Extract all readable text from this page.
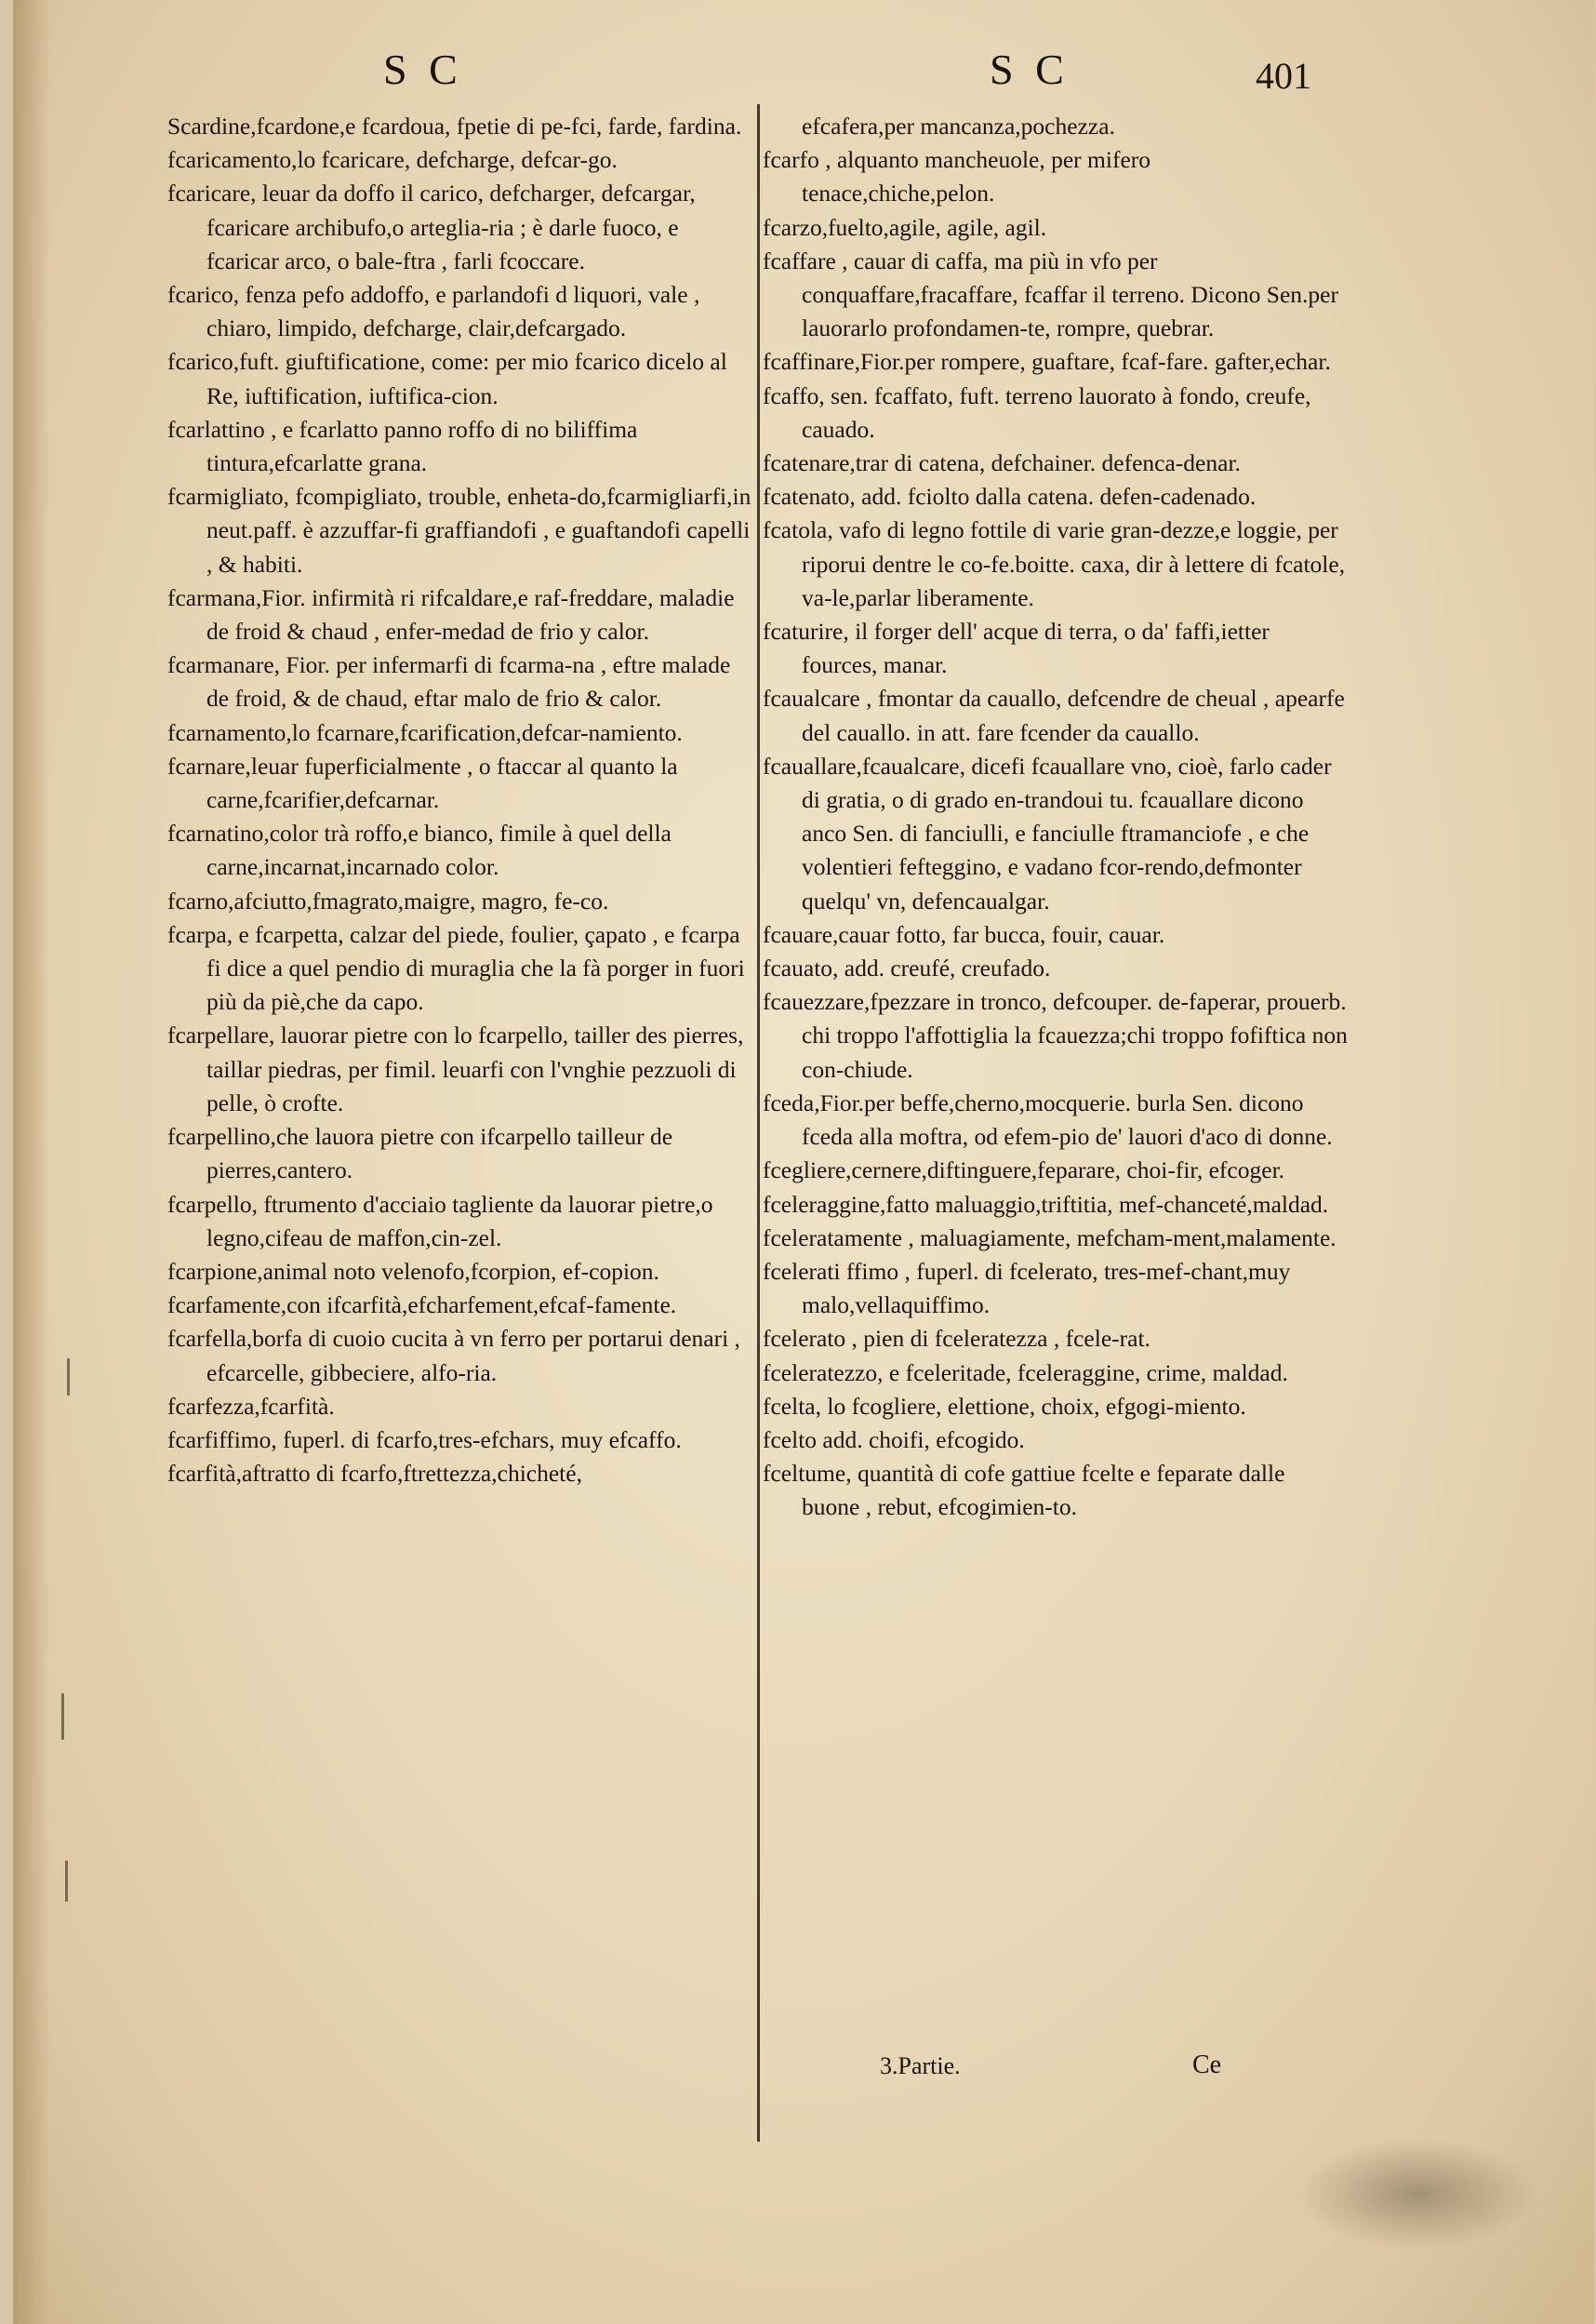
S C	S C	401

Scardine,fcardone,e fcardoua, fpetie di pe-fci, farde, fardina.

fcaricamento,lo fcaricare, defcharge, defcar-go.

fcaricare, leuar da doffo il carico, defcharger, defcargar, fcaricare archibufo,o arteglia-ria ; è darle fuoco, e fcaricar arco, o bale-ftra , farli fcoccare.

fcarico, fenza pefo addoffo, e parlandofi d liquori, vale , chiaro, limpido, defcharge, clair,defcargado.

fcarico,fuft. giuftificatione, come: per mio fcarico dicelo al Re, iuftification, iuftifica-cion.

fcarlattino , e fcarlatto panno roffo di no biliffima tintura,efcarlatte grana.

fcarmigliato, fcompigliato, trouble, enheta-do,fcarmigliarfi,in neut.paff. è azzuffar-fi graffiandofi , e guaftandofi capelli , & habiti.

fcarmana,Fior. infirmità ri rifcaldare,e raf-freddare, maladie de froid & chaud , enfer-medad de frio y calor.

fcarmanare, Fior. per infermarfi di fcarma-na , eftre malade de froid, & de chaud, eftar malo de frio & calor.

fcarnamento,lo fcarnare,fcarification,defcar-namiento.

fcarnare,leuar fuperficialmente , o ftaccar al quanto la carne,fcarifier,defcarnar.

fcarnatino,color trà roffo,e bianco, fimile à quel della carne,incarnat,incarnado color.

fcarno,afciutto,fmagrato,maigre, magro, fe-co.

fcarpa, e fcarpetta, calzar del piede, foulier, çapato , e fcarpa fi dice a quel pendio di muraglia che la fà porger in fuori più da piè,che da capo.

fcarpellare, lauorar pietre con lo fcarpello, tailler des pierres, taillar piedras, per fimil. leuarfi con l'vnghie pezzuoli di pelle, ò crofte.

fcarpellino,che lauora pietre con ifcarpello tailleur de pierres,cantero.

fcarpello, ftrumento d'acciaio tagliente da lauorar pietre,o legno,cifeau de maffon,cin-zel.

fcarpione,animal noto velenofo,fcorpion, ef-copion.

fcarfamente,con ifcarfità,efcharfement,efcaf-famente.

fcarfella,borfa di cuoio cucita à vn ferro per portarui denari , efcarcelle, gibbeciere, alfo-ria.

fcarfezza,fcarfità.

fcarfiffimo, fuperl. di fcarfo,tres-efchars, muy efcaffo.

fcarfità,aftratto di fcarfo,ftrettezza,chicheté,

efcafera,per mancanza,pochezza.

fcarfo , alquanto mancheuole, per mifero tenace,chiche,pelon.

fcarzo,fuelto,agile, agile, agil.

fcaffare , cauar di caffa, ma più in vfo per conquaffare,fracaffare, fcaffar il terreno. Dicono Sen.per lauorarlo profondamen-te, rompre, quebrar.

fcaffinare,Fior.per rompere, guaftare, fcaf-fare. gafter,echar.

fcaffo, sen. fcaffato, fuft. terreno lauorato à fondo, creufe, cauado.

fcatenare,trar di catena, defchainer. defenca-denar.

fcatenato, add. fciolto dalla catena. defen-cadenado.

fcatola, vafo di legno fottile di varie gran-dezze,e loggie, per riporui dentre le co-fe.boitte. caxa, dir à lettere di fcatole, va-le,parlar liberamente.

fcaturire, il forger dell' acque di terra, o da' faffi,ietter fources, manar.

fcaualcare , fmontar da cauallo, defcendre de cheual , apearfe del cauallo. in att. fare fcender da cauallo.

fcauallare,fcaualcare, dicefi fcauallare vno, cioè, farlo cader di gratia, o di grado en-trandoui tu. fcauallare dicono anco Sen. di fanciulli, e fanciulle ftramanciofe , e che volentieri fefteggino, e vadano fcor-rendo,defmonter quelqu' vn, defencaualgar.

fcauare,cauar fotto, far bucca, fouir, cauar.

fcauato, add. creufé, creufado.

fcauezzare,fpezzare in tronco, defcouper. de-faperar, prouerb. chi troppo l'affottiglia la fcauezza;chi troppo fofiftica non con-chiude.

fceda,Fior.per beffe,cherno,mocquerie. burla Sen. dicono fceda alla moftra, od efem-pio de' lauori d'aco di donne.

fcegliere,cernere,diftinguere,feparare, choi-fir, efcoger.

fceleraggine,fatto maluaggio,triftitia, mef-chanceté,maldad.

fceleratamente , maluagiamente, mefcham-ment,malamente.

fcelerati ffimo , fuperl. di fcelerato, tres-mef-chant,muy malo,vellaquiffimo.

fcelerato , pien di fceleratezza , fcele-rat.

fceleratezzo, e fceleritade, fceleraggine, crime, maldad.

fcelta, lo fcogliere, elettione, choix, efgogi-miento.

fcelto add. choifi, efcogido.

fceltume, quantità di cofe gattiue fcelte e feparate dalle buone , rebut, efcogimien-to.

3.Partie.	Ce
